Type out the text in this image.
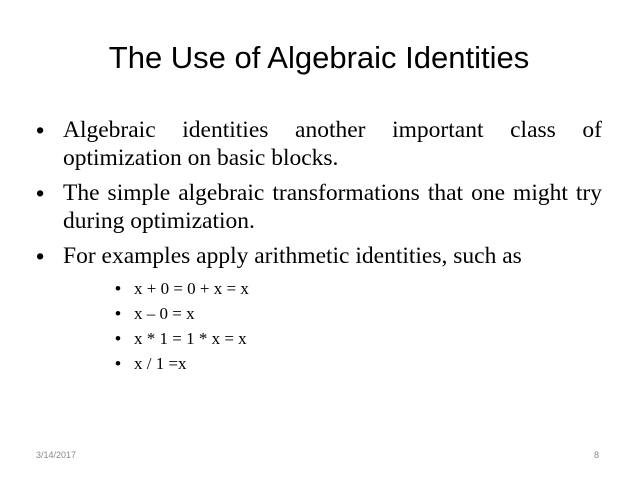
The Use of Algebraic Identities
• Algebraic identities another important class of optimization on basic blocks.
• The simple algebraic transformations that one might try during optimization.
• For examples apply arithmetic identities, such as
• x + 0 = 0 + x = x
• x – 0 = x
• x * 1 = 1 * x = x
• x / 1 =x
3/14/2017	8
